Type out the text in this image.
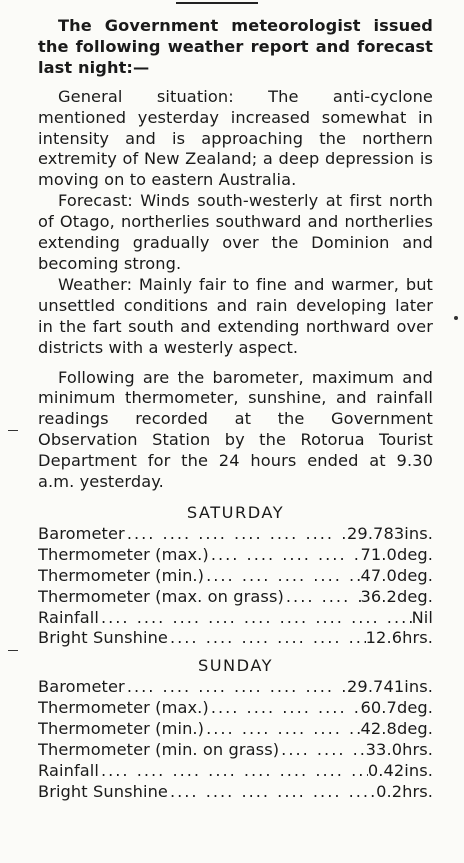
The Government meteorologist issued the following weather report and forecast last night:—

General situation: The anti-cyclone mentioned yesterday increased somewhat in intensity and is approaching the northern extremity of New Zealand; a deep depression is moving on to eastern Australia.

Forecast: Winds south-westerly at first north of Otago, northerlies southward and northerlies extending gradually over the Dominion and becoming strong.

Weather: Mainly fair to fine and warmer, but unsettled conditions and rain developing later in the fart south and extending northward over districts with a westerly aspect.

Following are the barometer, maximum and minimum thermometer, sunshine, and rainfall readings recorded at the Government Observation Station by the Rotorua Tourist Department for the 24 hours ended at 9.30 a.m. yesterday.

SATURDAY
Barometer ....	29.783ins.
Thermometer (max.) ....	71.0deg.
Thermometer (min.) ....	47.0deg.
Thermometer (max. on grass) ....	36.2deg.
Rainfall ....	Nil
Bright Sunshine ....	12.6hrs.
SUNDAY
Barometer ....	29.741ins.
Thermometer (max.) ....	60.7deg.
Thermometer (min.) ....	42.8deg.
Thermometer (min. on grass) ....	33.0hrs.
Rainfall ....	0.42ins.
Bright Sunshine ....	0.2hrs.
